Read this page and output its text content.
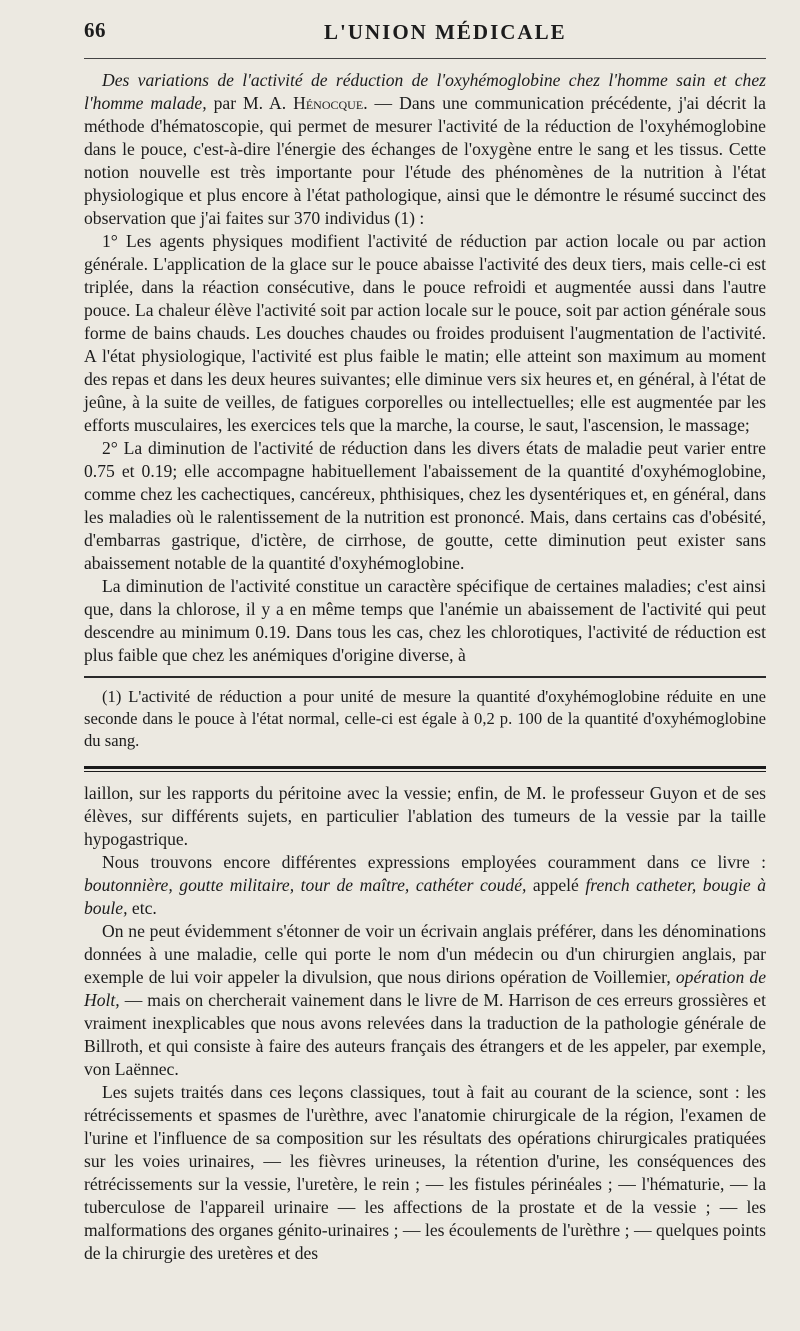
66	L'UNION MÉDICALE

Des variations de l'activité de réduction de l'oxyhémoglobine chez l'homme sain et chez l'homme malade, par M. A. Hénocque. — Dans une communication précédente, j'ai décrit la méthode d'hématoscopie, qui permet de mesurer l'activité de la réduction de l'oxyhémoglobine dans le pouce, c'est-à-dire l'énergie des échanges de l'oxygène entre le sang et les tissus. Cette notion nouvelle est très importante pour l'étude des phénomènes de la nutrition à l'état physiologique et plus encore à l'état pathologique, ainsi que le démontre le résumé succinct des observation que j'ai faites sur 370 individus (1) :

1° Les agents physiques modifient l'activité de réduction par action locale ou par action générale. L'application de la glace sur le pouce abaisse l'activité des deux tiers, mais celle-ci est triplée, dans la réaction consécutive, dans le pouce refroidi et augmentée aussi dans l'autre pouce. La chaleur élève l'activité soit par action locale sur le pouce, soit par action générale sous forme de bains chauds. Les douches chaudes ou froides produisent l'augmentation de l'activité. A l'état physiologique, l'activité est plus faible le matin; elle atteint son maximum au moment des repas et dans les deux heures suivantes; elle diminue vers six heures et, en général, à l'état de jeûne, à la suite de veilles, de fatigues corporelles ou intellectuelles; elle est augmentée par les efforts musculaires, les exercices tels que la marche, la course, le saut, l'ascension, le massage;

2° La diminution de l'activité de réduction dans les divers états de maladie peut varier entre 0.75 et 0.19; elle accompagne habituellement l'abaissement de la quantité d'oxyhémoglobine, comme chez les cachectiques, cancéreux, phthisiques, chez les dysentériques et, en général, dans les maladies où le ralentissement de la nutrition est prononcé. Mais, dans certains cas d'obésité, d'embarras gastrique, d'ictère, de cirrhose, de goutte, cette diminution peut exister sans abaissement notable de la quantité d'oxyhémoglobine.

La diminution de l'activité constitue un caractère spécifique de certaines maladies; c'est ainsi que, dans la chlorose, il y a en même temps que l'anémie un abaissement de l'activité qui peut descendre au minimum 0.19. Dans tous les cas, chez les chlorotiques, l'activité de réduction est plus faible que chez les anémiques d'origine diverse, à

(1) L'activité de réduction a pour unité de mesure la quantité d'oxyhémoglobine réduite en une seconde dans le pouce à l'état normal, celle-ci est égale à 0,2 p. 100 de la quantité d'oxyhémoglobine du sang.

laillon, sur les rapports du péritoine avec la vessie; enfin, de M. le professeur Guyon et de ses élèves, sur différents sujets, en particulier l'ablation des tumeurs de la vessie par la taille hypogastrique.

Nous trouvons encore différentes expressions employées couramment dans ce livre : boutonnière, goutte militaire, tour de maître, cathéter coudé, appelé french catheter, bougie à boule, etc.

On ne peut évidemment s'étonner de voir un écrivain anglais préférer, dans les dénominations données à une maladie, celle qui porte le nom d'un médecin ou d'un chirurgien anglais, par exemple de lui voir appeler la divulsion, que nous dirions opération de Voillemier, opération de Holt, — mais on chercherait vainement dans le livre de M. Harrison de ces erreurs grossières et vraiment inexplicables que nous avons relevées dans la traduction de la pathologie générale de Billroth, et qui consiste à faire des auteurs français des étrangers et de les appeler, par exemple, von Laënnec.

Les sujets traités dans ces leçons classiques, tout à fait au courant de la science, sont : les rétrécissements et spasmes de l'urèthre, avec l'anatomie chirurgicale de la région, l'examen de l'urine et l'influence de sa composition sur les résultats des opérations chirurgicales pratiquées sur les voies urinaires, — les fièvres urineuses, la rétention d'urine, les conséquences des rétrécissements sur la vessie, l'uretère, le rein ; — les fistules périnéales ; — l'hématurie, — la tuberculose de l'appareil urinaire — les affections de la prostate et de la vessie ; — les malformations des organes génito-urinaires ; — les écoulements de l'urèthre ; — quelques points de la chirurgie des uretères et des
